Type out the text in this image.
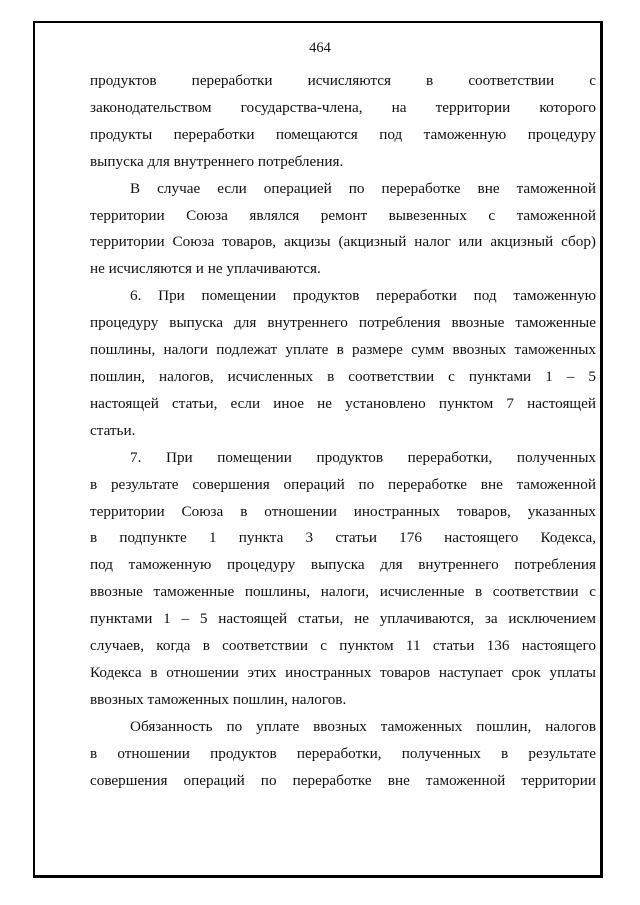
464

продуктов переработки исчисляются в соответствии с
законодательством государства-члена, на территории которого
продукты переработки помещаются под таможенную процедуру
выпуска для внутреннего потребления.

В случае если операцией по переработке вне таможенной
территории Союза являлся ремонт вывезенных с таможенной
территории Союза товаров, акцизы (акцизный налог или акцизный сбор)
не исчисляются и не уплачиваются.

6. При помещении продуктов переработки под таможенную
процедуру выпуска для внутреннего потребления ввозные таможенные
пошлины, налоги подлежат уплате в размере сумм ввозных таможенных
пошлин, налогов, исчисленных в соответствии с пунктами 1 – 5
настоящей статьи, если иное не установлено пунктом 7 настоящей
статьи.

7. При помещении продуктов переработки, полученных
в результате совершения операций по переработке вне таможенной
территории Союза в отношении иностранных товаров, указанных
в подпункте 1 пункта 3 статьи 176 настоящего Кодекса,
под таможенную процедуру выпуска для внутреннего потребления
ввозные таможенные пошлины, налоги, исчисленные в соответствии с
пунктами 1 – 5 настоящей статьи, не уплачиваются, за исключением
случаев, когда в соответствии с пунктом 11 статьи 136 настоящего
Кодекса в отношении этих иностранных товаров наступает срок уплаты
ввозных таможенных пошлин, налогов.

Обязанность по уплате ввозных таможенных пошлин, налогов
в отношении продуктов переработки, полученных в результате
совершения операций по переработке вне таможенной территории
